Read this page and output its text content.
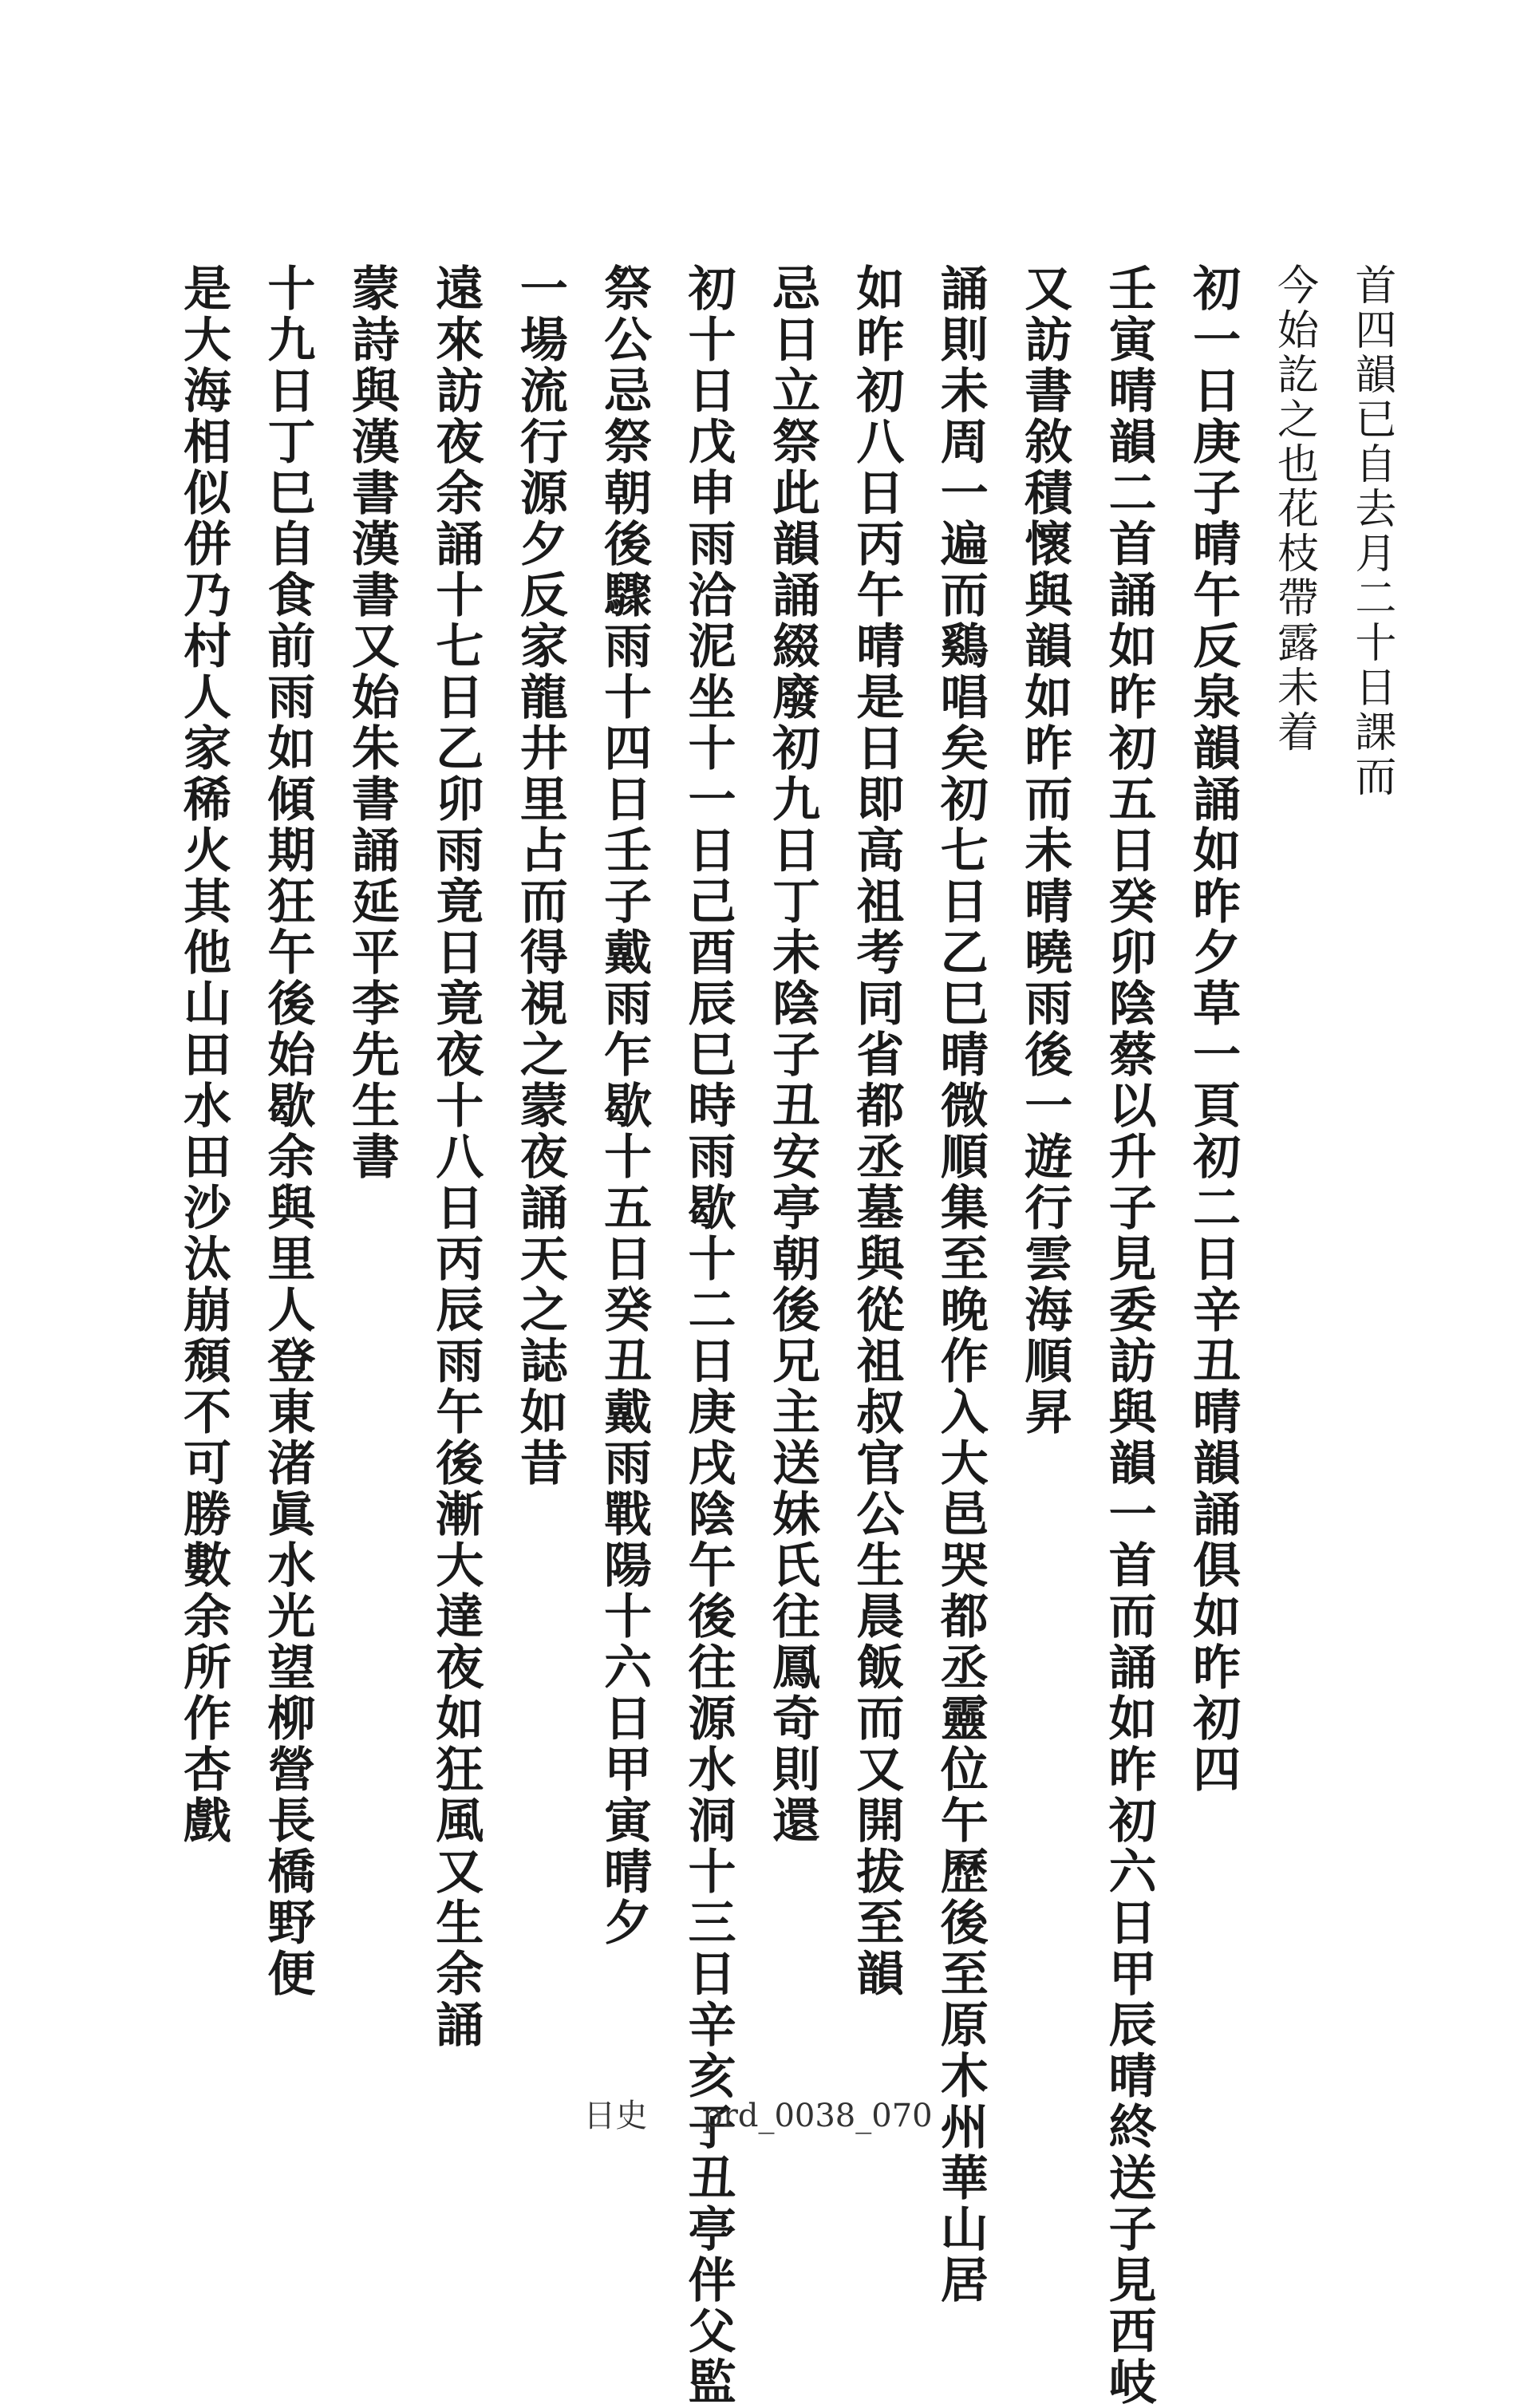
首四韻已自去月二十日課而
今始訖之也花枝帶露未着
初一日庚子晴午反泉韻誦如昨夕草一頁初二日辛丑晴韻誦俱如昨初四
壬寅晴韻二首誦如昨初五日癸卯陰蔡以升子見委訪與韻一首而誦如昨初六日甲辰晴終送子見西岐
又訪書敘積懷與韻如昨而未晴曉雨後一遊行雲海順昇
誦則未周一遍而鷄唱矣初七日乙巳晴微順集至晚作入大邑哭都丞靈位午歷後至原木州華山居
如昨初八日丙午晴是日即高祖考同省都丞墓與從祖叔官公生晨飯而又開拔至韻
忌日立祭此韻誦綴廢初九日丁未陰子丑安亭朝後兄主送妹氏往鳳奇則還
初十日戊申雨洽泥坐十一日己酉辰巳時雨歇十二日庚戌陰午後往源水洞十三日辛亥子丑亭伴父監
祭公忌祭朝後驟雨十四日壬子戴雨乍歇十五日癸丑戴雨戰陽十六日甲寅晴夕
一場流行源夕反家龍井里占而得視之蒙夜誦天之誌如昔
遠來訪夜余誦十七日乙卯雨竟日竟夜十八日丙辰雨午後漸大達夜如狂風又生余誦
蒙詩與漢書漢書又始朱書誦延平李先生書
十九日丁巳自食前雨如傾期狂午後始歇余與里人登東渚眞水光望柳營長橋野便
是大海相似併乃村人家稀火其他山田水田沙汰崩頹不可勝數余所作杏戲
日史 prd_0038_070
